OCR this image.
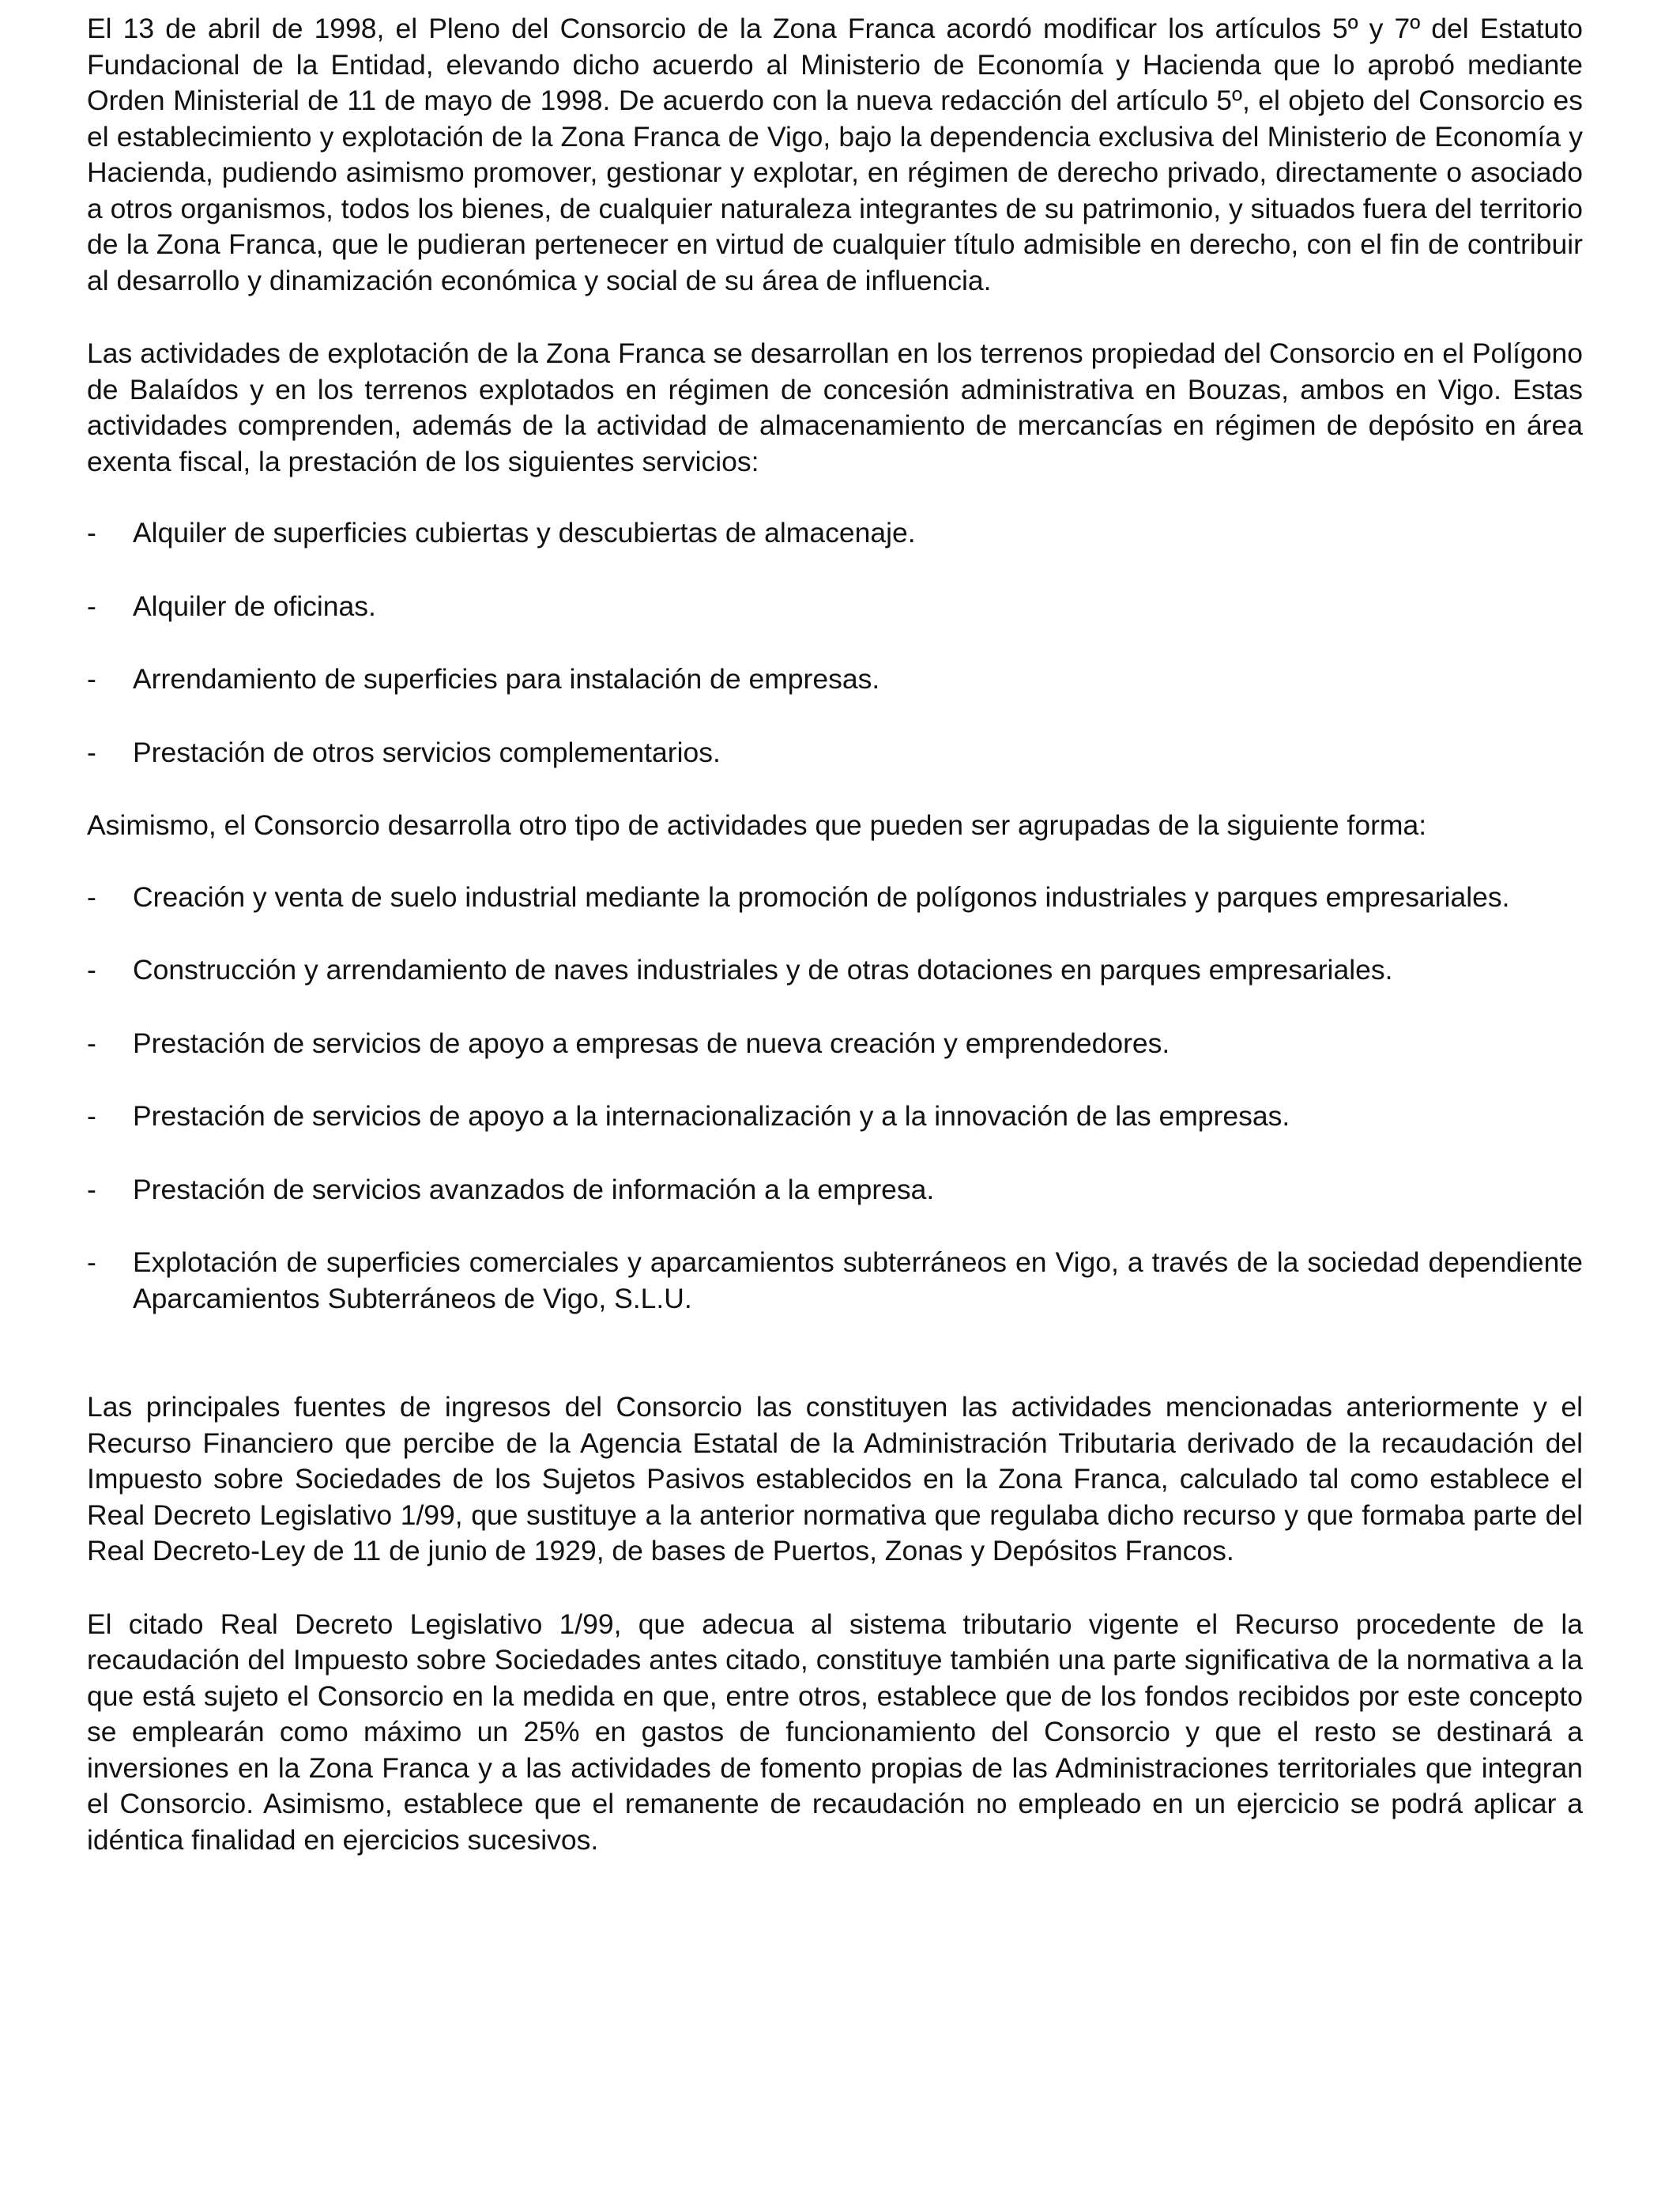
El 13 de abril de 1998, el Pleno del Consorcio de la Zona Franca acordó modificar los artículos 5º y 7º del Estatuto Fundacional de la Entidad, elevando dicho acuerdo al Ministerio de Economía y Hacienda que lo aprobó mediante Orden Ministerial de 11 de mayo de 1998. De acuerdo con la nueva redacción del artículo 5º, el objeto del Consorcio es el establecimiento y explotación de la Zona Franca de Vigo, bajo la dependencia exclusiva del Ministerio de Economía y Hacienda, pudiendo asimismo promover, gestionar y explotar, en régimen de derecho privado, directamente o asociado a otros organismos, todos los bienes, de cualquier naturaleza integrantes de su patrimonio, y situados fuera del territorio de la Zona Franca, que le pudieran pertenecer en virtud de cualquier título admisible en derecho, con el fin de contribuir al desarrollo y dinamización económica y social de su área de influencia.

Las actividades de explotación de la Zona Franca se desarrollan en los terrenos propiedad del Consorcio en el Polígono de Balaídos y en los terrenos explotados en régimen de concesión administrativa en Bouzas, ambos en Vigo. Estas actividades comprenden, además de la actividad de almacenamiento de mercancías en régimen de depósito en área exenta fiscal, la prestación de los siguientes servicios:

- Alquiler de superficies cubiertas y descubiertas de almacenaje.
- Alquiler de oficinas.
- Arrendamiento de superficies para instalación de empresas.
- Prestación de otros servicios complementarios.

Asimismo, el Consorcio desarrolla otro tipo de actividades que pueden ser agrupadas de la siguiente forma:

- Creación y venta de suelo industrial mediante la promoción de polígonos industriales y parques empresariales.
- Construcción y arrendamiento de naves industriales y de otras dotaciones en parques empresariales.
- Prestación de servicios de apoyo a empresas de nueva creación y emprendedores.
- Prestación de servicios de apoyo a la internacionalización y a la innovación de las empresas.
- Prestación de servicios avanzados de información a la empresa.
- Explotación de superficies comerciales y aparcamientos subterráneos en Vigo, a través de la sociedad dependiente Aparcamientos Subterráneos de Vigo, S.L.U.

Las principales fuentes de ingresos del Consorcio las constituyen las actividades mencionadas anteriormente y el Recurso Financiero que percibe de la Agencia Estatal de la Administración Tributaria derivado de la recaudación del Impuesto sobre Sociedades de los Sujetos Pasivos establecidos en la Zona Franca, calculado tal como establece el Real Decreto Legislativo 1/99, que sustituye a la anterior normativa que regulaba dicho recurso y que formaba parte del Real Decreto-Ley de 11 de junio de 1929, de bases de Puertos, Zonas y Depósitos Francos.

El citado Real Decreto Legislativo 1/99, que adecua al sistema tributario vigente el Recurso procedente de la recaudación del Impuesto sobre Sociedades antes citado, constituye también una parte significativa de la normativa a la que está sujeto el Consorcio en la medida en que, entre otros, establece que de los fondos recibidos por este concepto se emplearán como máximo un 25% en gastos de funcionamiento del Consorcio y que el resto se destinará a inversiones en la Zona Franca y a las actividades de fomento propias de las Administraciones territoriales que integran el Consorcio. Asimismo, establece que el remanente de recaudación no empleado en un ejercicio se podrá aplicar a idéntica finalidad en ejercicios sucesivos.
